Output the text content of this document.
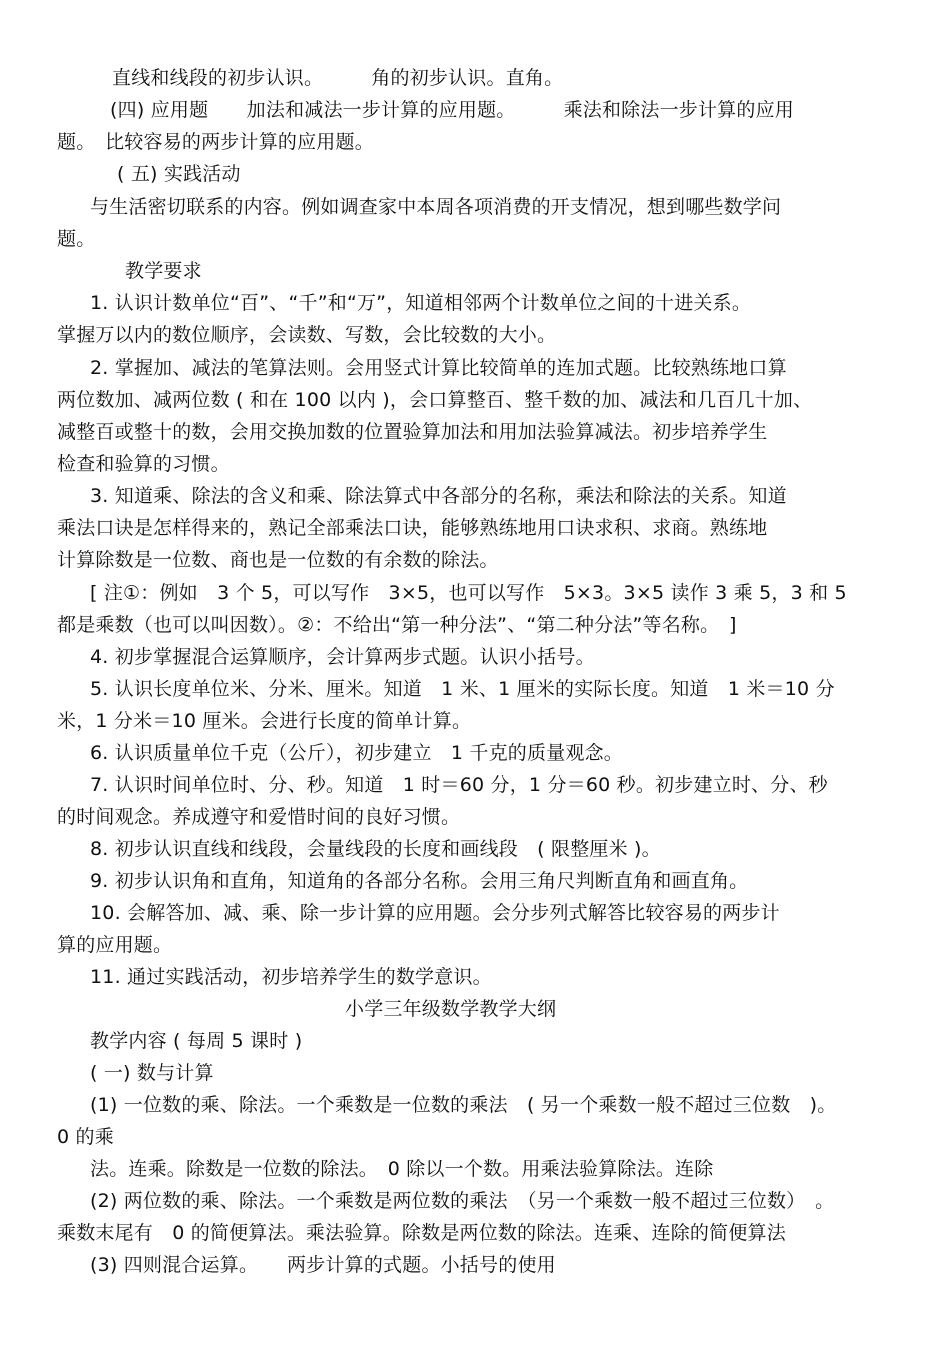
直线和线段的初步认识。　　　角的初步认识。直角。
(四) 应用题　　加法和减法一步计算的应用题。　　　乘法和除法一步计算的应用
题。　比较容易的两步计算的应用题。
( 五) 实践活动
与生活密切联系的内容。例如调查家中本周各项消费的开支情况，想到哪些数学问
题。
教学要求
1. 认识计数单位“百”、“千”和“万”，知道相邻两个计数单位之间的十进关系。
掌握万以内的数位顺序，会读数、写数，会比较数的大小。
2. 掌握加、减法的笔算法则。会用竖式计算比较简单的连加式题。比较熟练地口算
两位数加、减两位数 ( 和在 100 以内 )，会口算整百、整千数的加、减法和几百几十加、
减整百或整十的数，会用交换加数的位置验算加法和用加法验算减法。初步培养学生
检查和验算的习惯。
3. 知道乘、除法的含义和乘、除法算式中各部分的名称，乘法和除法的关系。知道
乘法口诀是怎样得来的，熟记全部乘法口诀，能够熟练地用口诀求积、求商。熟练地
计算除数是一位数、商也是一位数的有余数的除法。
[ 注①：例如　3 个 5，可以写作　3×5，也可以写作　5×3。3×5 读作 3 乘 5，3 和 5
都是乘数（也可以叫因数）。②：不给出“第一种分法”、“第二种分法”等名称。　]
4. 初步掌握混合运算顺序，会计算两步式题。认识小括号。
5. 认识长度单位米、分米、厘米。知道　1 米、1 厘米的实际长度。知道　1 米＝10 分
米，1 分米＝10 厘米。会进行长度的简单计算。
6. 认识质量单位千克（公斤），初步建立　1 千克的质量观念。
7. 认识时间单位时、分、秒。知道　1 时＝60 分，1 分＝60 秒。初步建立时、分、秒
的时间观念。养成遵守和爱惜时间的良好习惯。
8. 初步认识直线和线段，会量线段的长度和画线段　( 限整厘米 )。
9. 初步认识角和直角，知道角的各部分名称。会用三角尺判断直角和画直角。
10. 会解答加、减、乘、除一步计算的应用题。会分步列式解答比较容易的两步计
算的应用题。
11. 通过实践活动，初步培养学生的数学意识。
小学三年级数学教学大纲
教学内容 ( 每周 5 课时 )
( 一) 数与计算
(1) 一位数的乘、除法。一个乘数是一位数的乘法　( 另一个乘数一般不超过三位数　)。
0 的乘
法。连乘。除数是一位数的除法。　0 除以一个数。用乘法验算除法。连除
(2) 两位数的乘、除法。一个乘数是两位数的乘法　（另一个乘数一般不超过三位数）　。
乘数末尾有　0 的简便算法。乘法验算。除数是两位数的除法。连乘、连除的简便算法
(3) 四则混合运算。　　两步计算的式题。小括号的使用
